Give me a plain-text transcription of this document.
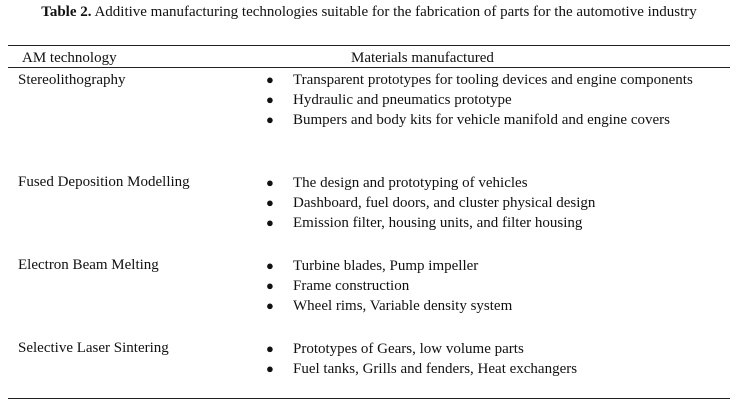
Table 2. Additive manufacturing technologies suitable for the fabrication of parts for the automotive industry
AM technology	Materials manufactured
Stereolithography	● Transparent prototypes for tooling devices and engine components
● Hydraulic and pneumatics prototype
● Bumpers and body kits for vehicle manifold and engine covers
Fused Deposition Modelling	● The design and prototyping of vehicles
● Dashboard, fuel doors, and cluster physical design
● Emission filter, housing units, and filter housing
Electron Beam Melting	● Turbine blades, Pump impeller
● Frame construction
● Wheel rims, Variable density system
Selective Laser Sintering	● Prototypes of Gears, low volume parts
● Fuel tanks, Grills and fenders, Heat exchangers
